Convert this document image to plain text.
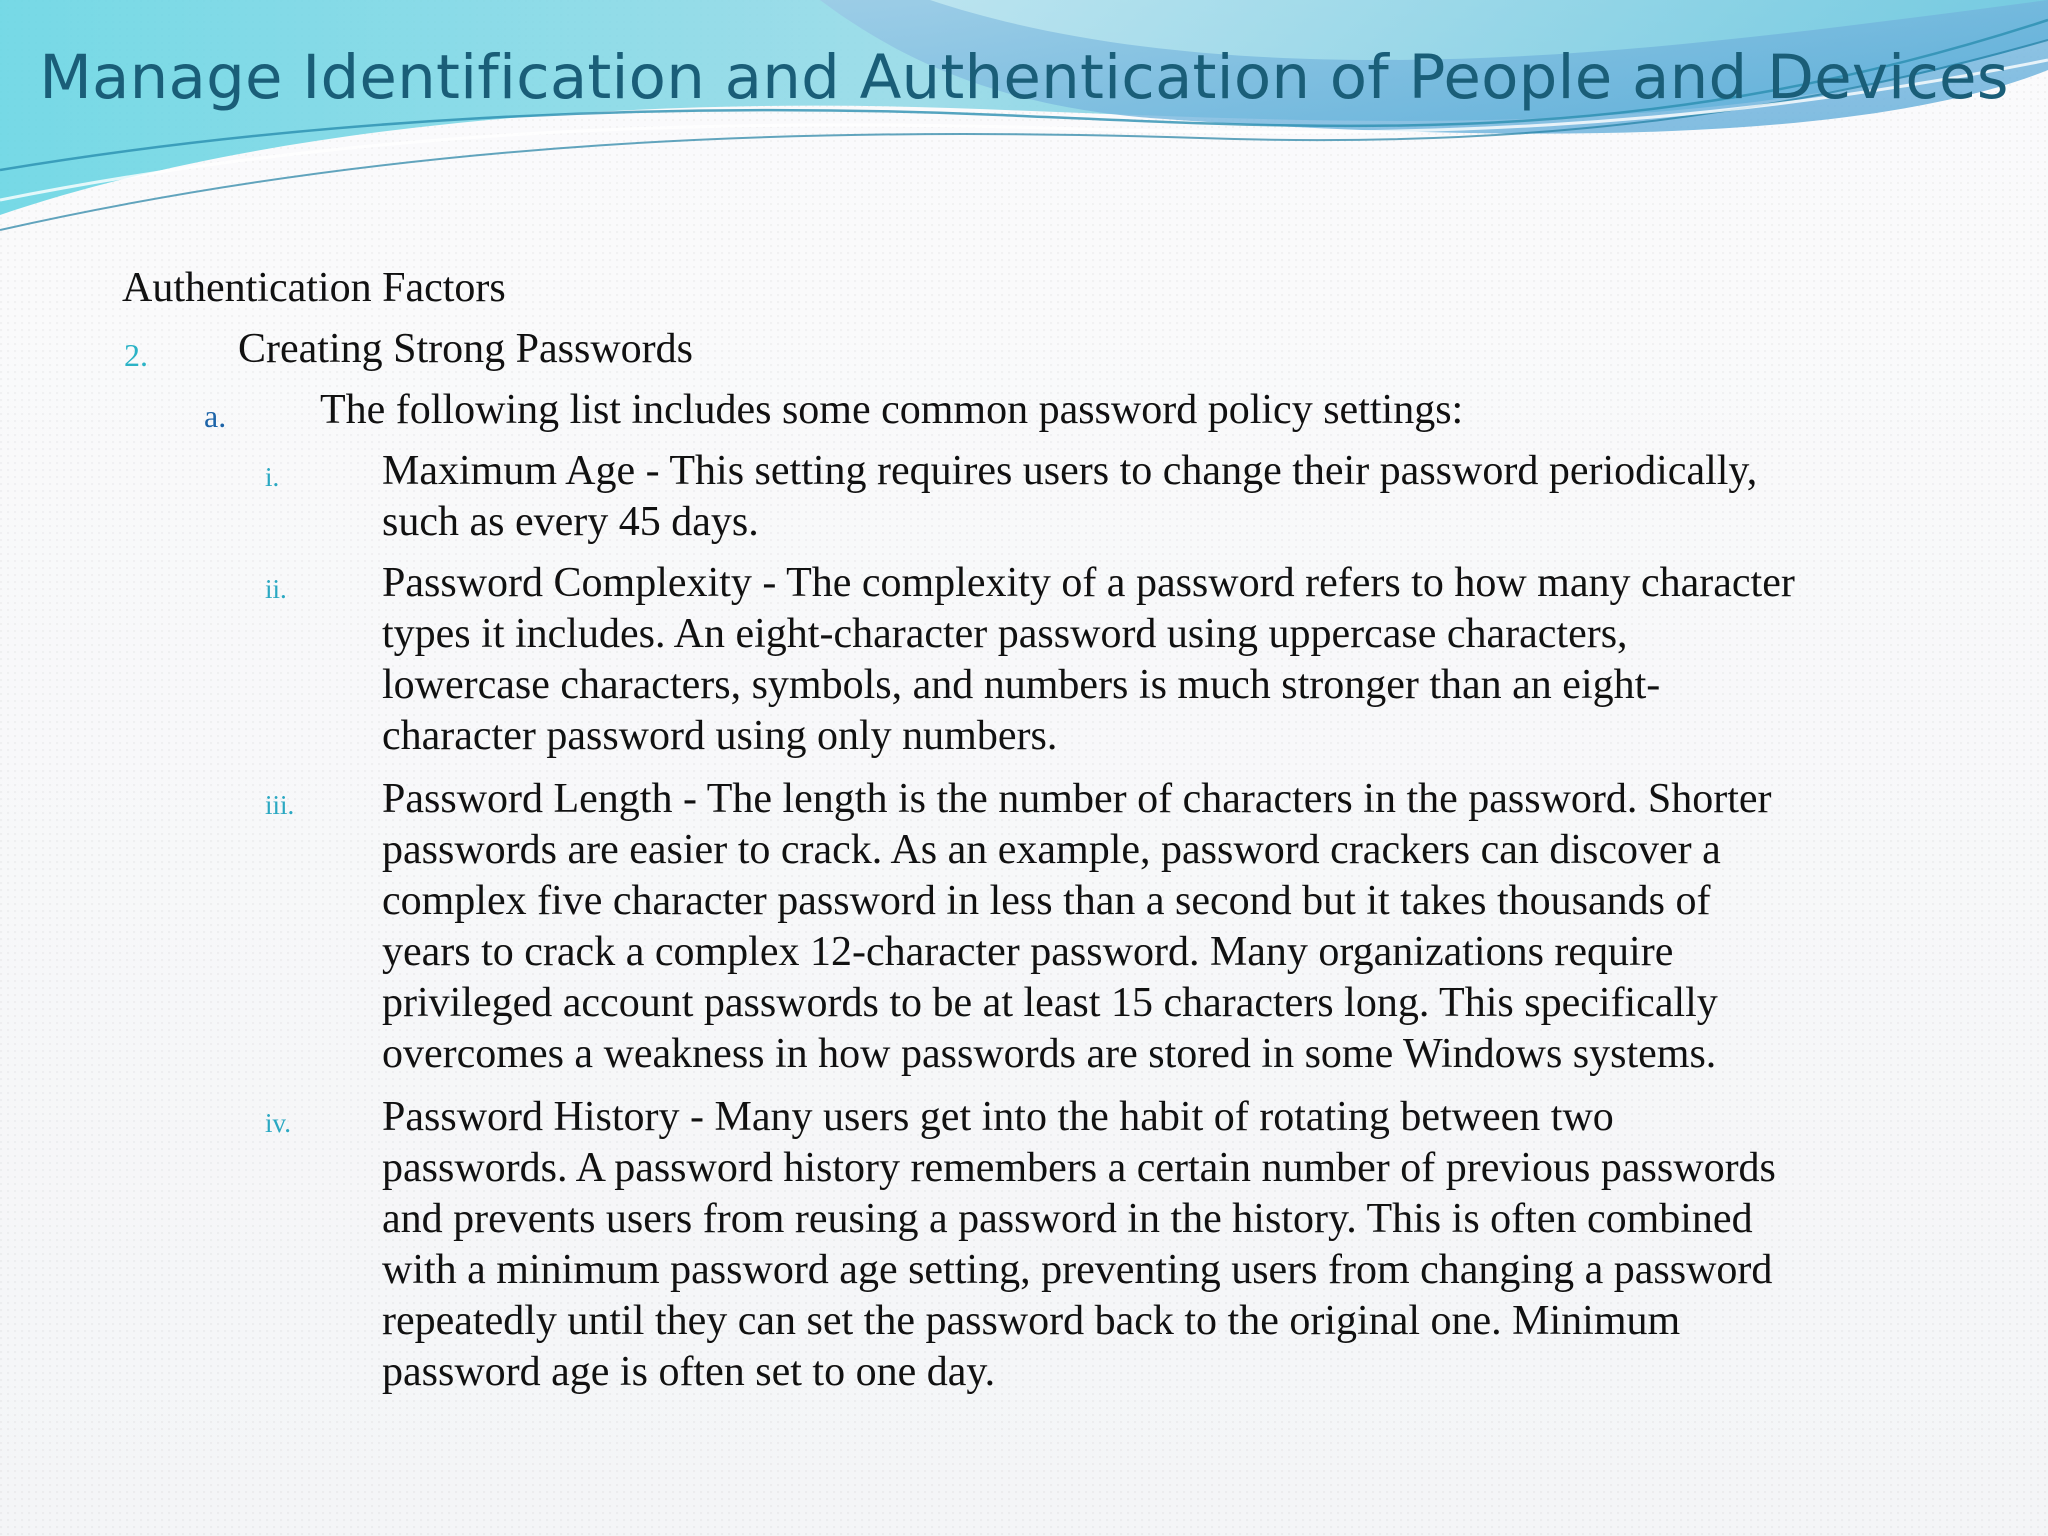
Manage Identification and Authentication of People and Devices
Authentication Factors
2. Creating Strong Passwords
a. The following list includes some common password policy settings:
i. Maximum Age - This setting requires users to change their password periodically,
such as every 45 days.
ii. Password Complexity - The complexity of a password refers to how many character
types it includes. An eight-character password using uppercase characters,
lowercase characters, symbols, and numbers is much stronger than an eight-
character password using only numbers.
iii. Password Length - The length is the number of characters in the password. Shorter
passwords are easier to crack. As an example, password crackers can discover a
complex five character password in less than a second but it takes thousands of
years to crack a complex 12-character password. Many organizations require
privileged account passwords to be at least 15 characters long. This specifically
overcomes a weakness in how passwords are stored in some Windows systems.
iv. Password History - Many users get into the habit of rotating between two
passwords. A password history remembers a certain number of previous passwords
and prevents users from reusing a password in the history. This is often combined
with a minimum password age setting, preventing users from changing a password
repeatedly until they can set the password back to the original one. Minimum
password age is often set to one day.
